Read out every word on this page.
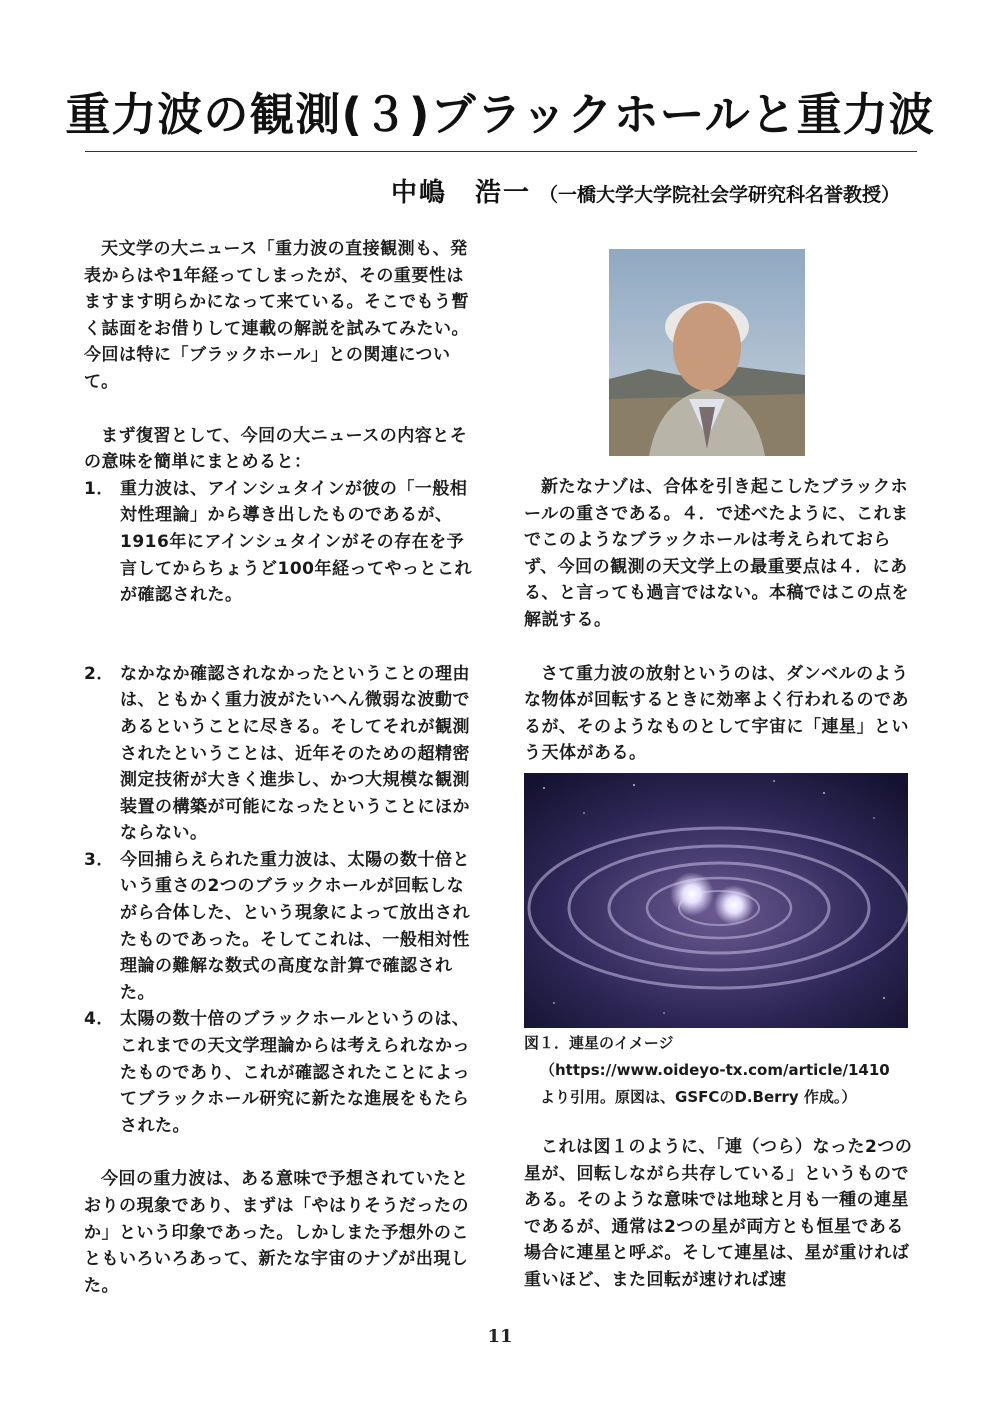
重力波の観測(３)ブラックホールと重力波
中嶋　浩一 （一橋大学大学院社会学研究科名誉教授）

天文学の大ニュース「重力波の直接観測も、発表からはや1年経ってしまったが、その重要性はますます明らかになって来ている。そこでもう暫く誌面をお借りして連載の解説を試みてみたい。今回は特に「ブラックホール」との関連について。

まず復習として、今回の大ニュースの内容とその意味を簡単にまとめると：

1． 重力波は、アインシュタインが彼の「一般相対性理論」から導き出したものであるが、1916年にアインシュタインがその存在を予言してからちょうど100年経ってやっとこれが確認された。
2． なかなか確認されなかったということの理由は、ともかく重力波がたいへん微弱な波動であるということに尽きる。そしてそれが観測されたということは、近年そのための超精密測定技術が大きく進歩し、かつ大規模な観測装置の構築が可能になったということにほかならない。
3． 今回捕らえられた重力波は、太陽の数十倍という重さの2つのブラックホールが回転しながら合体した、という現象によって放出されたものであった。そしてこれは、一般相対性理論の難解な数式の高度な計算で確認された。
4． 太陽の数十倍のブラックホールというのは、これまでの天文学理論からは考えられなかったものであり、これが確認されたことによってブラックホール研究に新たな進展をもたらされた。

今回の重力波は、ある意味で予想されていたとおりの現象であり、まずは「やはりそうだったのか」という印象であった。しかしまた予想外のこともいろいろあって、新たな宇宙のナゾが出現した。

新たなナゾは、合体を引き起こしたブラックホールの重さである。４．で述べたように、これまでこのようなブラックホールは考えられておらず、今回の観測の天文学上の最重要点は４．にある、と言っても過言ではない。本稿ではこの点を解説する。

さて重力波の放射というのは、ダンベルのような物体が回転するときに効率よく行われるのであるが、そのようなものとして宇宙に「連星」という天体がある。

図１．連星のイメージ
（https://www.oideyo-tx.com/article/1410
より引用。原図は、GSFCのD.Berry 作成。）

これは図１のように、「連（つら）なった2つの星が、回転しながら共存している」というものである。そのような意味では地球と月も一種の連星であるが、通常は2つの星が両方とも恒星である場合に連星と呼ぶ。そして連星は、星が重ければ重いほど、また回転が速ければ速

11
